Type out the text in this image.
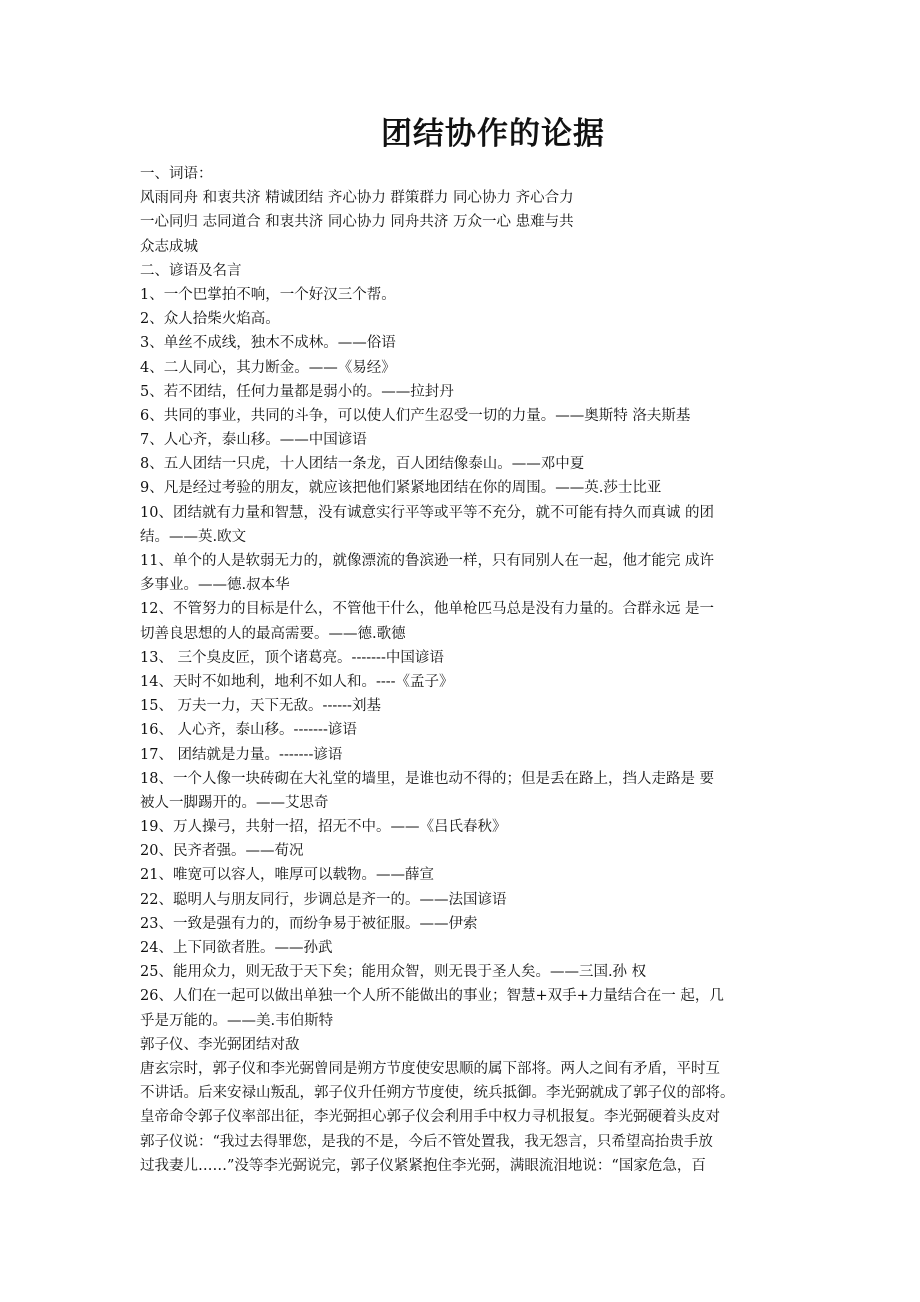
团结协作的论据
一、词语：
风雨同舟 和衷共济 精诚团结 齐心协力 群策群力 同心协力 齐心合力
一心同归 志同道合 和衷共济 同心协力 同舟共济 万众一心 患难与共
众志成城
二、谚语及名言
1、一个巴掌拍不响，一个好汉三个帮。
2、众人拾柴火焰高。
3、单丝不成线，独木不成林。——俗语
4、二人同心，其力断金。——《易经》
5、若不团结，任何力量都是弱小的。——拉封丹
6、共同的事业，共同的斗争，可以使人们产生忍受一切的力量。——奥斯特 洛夫斯基
7、人心齐，泰山移。——中国谚语
8、五人团结一只虎，十人团结一条龙，百人团结像泰山。——邓中夏
9、凡是经过考验的朋友，就应该把他们紧紧地团结在你的周围。——英.莎士比亚
10、团结就有力量和智慧，没有诚意实行平等或平等不充分，就不可能有持久而真诚 的团
结。——英.欧文
11、单个的人是软弱无力的，就像漂流的鲁滨逊一样，只有同别人在一起，他才能完 成许
多事业。——德.叔本华
12、不管努力的目标是什么，不管他干什么，他单枪匹马总是没有力量的。合群永远 是一
切善良思想的人的最高需要。——德.歌德
13、 三个臭皮匠，顶个诸葛亮。-------中国谚语
14、天时不如地利，地利不如人和。----《孟子》
15、 万夫一力，天下无敌。------刘基
16、 人心齐，泰山移。-------谚语
17、 团结就是力量。-------谚语
18、一个人像一块砖砌在大礼堂的墙里，是谁也动不得的；但是丢在路上，挡人走路是 要
被人一脚踢开的。——艾思奇
19、万人操弓，共射一招，招无不中。——《吕氏春秋》
20、民齐者强。——荀况
21、唯宽可以容人，唯厚可以载物。——薛宣
22、聪明人与朋友同行，步调总是齐一的。——法国谚语
23、一致是强有力的，而纷争易于被征服。——伊索
24、上下同欲者胜。——孙武
25、能用众力，则无敌于天下矣；能用众智，则无畏于圣人矣。——三国.孙 权
26、人们在一起可以做出单独一个人所不能做出的事业；智慧+双手+力量结合在一 起，几
乎是万能的。——美.韦伯斯特
郭子仪、李光弼团结对敌
唐玄宗时，郭子仪和李光弼曾同是朔方节度使安思顺的属下部将。两人之间有矛盾，平时互
不讲话。后来安禄山叛乱，郭子仪升任朔方节度使，统兵抵御。李光弼就成了郭子仪的部将。
皇帝命令郭子仪率部出征，李光弼担心郭子仪会利用手中权力寻机报复。李光弼硬着头皮对
郭子仪说：“我过去得罪您，是我的不是，今后不管处置我，我无怨言，只希望高抬贵手放
过我妻儿……”没等李光弼说完，郭子仪紧紧抱住李光弼，满眼流泪地说：“国家危急，百
